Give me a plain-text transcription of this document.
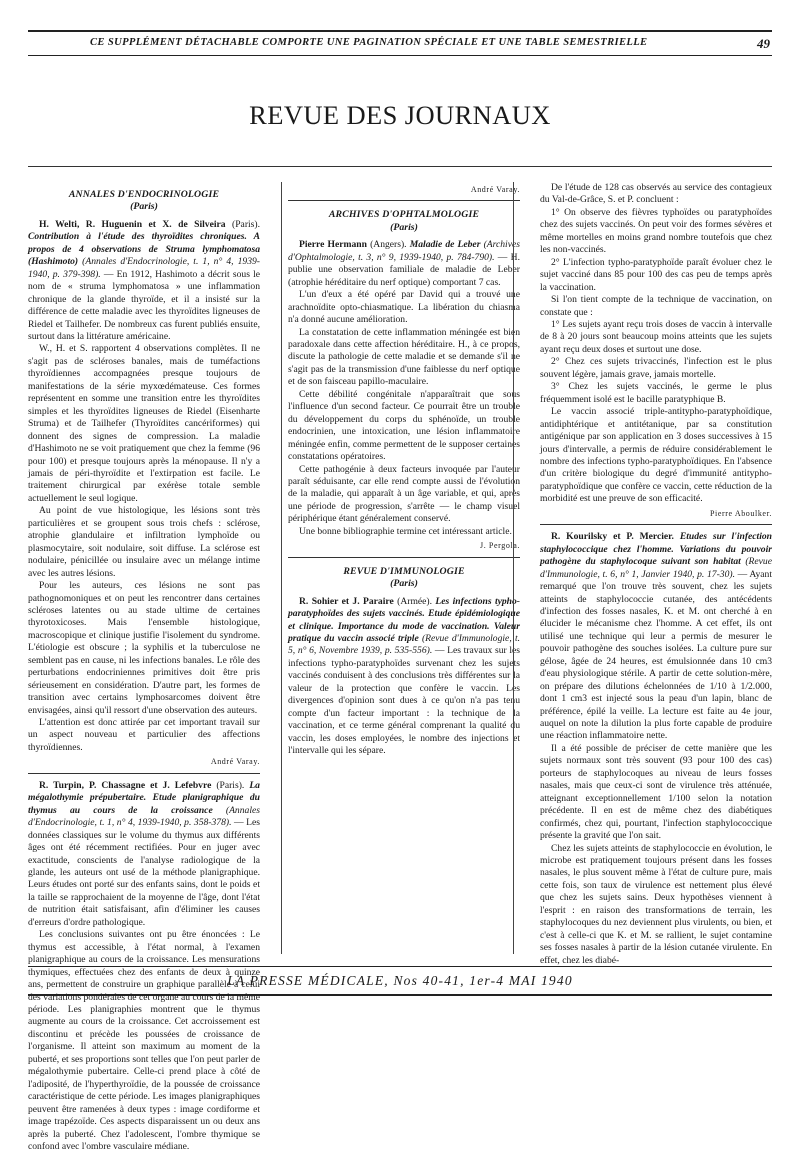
CE SUPPLÉMENT DÉTACHABLE COMPORTE UNE PAGINATION SPÉCIALE ET UNE TABLE SEMESTRIELLE	49
REVUE DES JOURNAUX
ANNALES D'ENDOCRINOLOGIE
(Paris)

H. Welti, R. Huguenin et X. de Silveira (Paris). Contribution à l'étude des thyroïdites chroniques. A propos de 4 observations de Struma lymphomatosa (Hashimoto) (Annales d'Endocrinologie, t. 1, n° 4, 1939-1940, p. 379-398). — En 1912, Hashimoto a décrit sous le nom de « struma lymphomatosa » une inflammation chronique de la glande thyroïde, et il a insisté sur la différence de cette maladie avec les thyroïdites ligneuses de Riedel et Tailhefer. De nombreux cas furent publiés ensuite, surtout dans la littérature américaine.

W., H. et S. rapportent 4 observations complètes. Il ne s'agit pas de scléroses banales, mais de tuméfactions thyroïdiennes accompagnées presque toujours de manifestations de la série myxœdémateuse. Ces formes représentent en somme une transition entre les thyroïdites simples et les thyroïdites ligneuses de Riedel (Eisenharte Struma) et de Tailhefer (Thyroïdites cancériformes) qui donnent des signes de compression. La maladie d'Hashimoto ne se voit pratiquement que chez la femme (96 pour 100) et presque toujours après la ménopause. Il n'y a jamais de péri-thyroïdite et l'extirpation est facile. Le traitement chirurgical par exérèse totale semble actuellement le seul logique.

Au point de vue histologique, les lésions sont très particulières et se groupent sous trois chefs : sclérose, atrophie glandulaire et infiltration lymphoïde ou plasmocytaire, soit nodulaire, soit diffuse. La sclérose est nodulaire, pénicillée ou insulaire avec un mélange intime avec les autres lésions.

Pour les auteurs, ces lésions ne sont pas pathognomoniques et on peut les rencontrer dans certaines scléroses latentes ou au stade ultime de certaines thyrotoxicoses. Mais l'ensemble histologique, macroscopique et clinique justifie l'isolement du syndrome. L'étiologie est obscure ; la syphilis et la tuberculose ne semblent pas en cause, ni les infections banales. Le rôle des perturbations endocriniennes primitives doit être pris sérieusement en considération. D'autre part, les formes de transition avec certains lymphosarcomes doivent être envisagées, ainsi qu'il ressort d'une observation des auteurs.

L'attention est donc attirée par cet important travail sur un aspect nouveau et particulier des affections thyroïdiennes.

André Varay.

R. Turpin, P. Chassagne et J. Lefebvre (Paris). La mégalothymie prépubertaire. Etude planigraphique du thymus au cours de la croissance (Annales d'Endocrinologie, t. 1, n° 4, 1939-1940, p. 358-378). — Les données classiques sur le volume du thymus aux différents âges ont été récemment rectifiées. Pour en juger avec exactitude, conscients de l'analyse radiologique de la glande, les auteurs ont usé de la méthode planigraphique. Leurs études ont porté sur des enfants sains, dont le poids et la taille se rapprochaient de la moyenne de l'âge, dont l'état de nutrition était satisfaisant, afin d'éliminer les causes d'erreurs d'ordre pathologique.

Les conclusions suivantes ont pu être énoncées : Le thymus est accessible, à l'état normal, à l'examen planigraphique au cours de la croissance. Les mensurations thymiques, effectuées chez des enfants de deux à quinze ans, permettent de construire un graphique parallèle à celui des variations pondérales de cet organe au cours de la même période. Les planigraphies montrent que le thymus augmente au cours de la croissance. Cet accroissement est discontinu et précède les poussées de croissance de l'organisme. Il atteint son maximum au moment de la puberté, et ses proportions sont telles que l'on peut parler de mégalothymie pubertaire. Celle-ci prend place à côté de l'adiposité, de l'hyperthyroïdie, de la poussée de croissance caractéristique de cette période. Les images planigraphiques peuvent être ramenées à deux types : image cordiforme et image trapézoïde. Ces aspects disparaissent un ou deux ans après la puberté. Chez l'adolescent, l'ombre thymique se confond avec l'ombre vasculaire médiane.

André Varay.
ARCHIVES D'OPHTALMOLOGIE
(Paris)

Pierre Hermann (Angers). Maladie de Leber (Archives d'Ophtalmologie, t. 3, n° 9, 1939-1940, p. 784-790). — H. publie une observation familiale de maladie de Leber (atrophie héréditaire du nerf optique) comportant 7 cas.

L'un d'eux a été opéré par David qui a trouvé une arachnoïdite opto-chiasmatique. La libération du chiasma n'a donné aucune amélioration.

La constatation de cette inflammation méningée est bien paradoxale dans cette affection héréditaire. H., à ce propos, discute la pathologie de cette maladie et se demande s'il ne s'agit pas de la transmission d'une faiblesse du nerf optique et de son faisceau papillo-maculaire.

Cette débilité congénitale n'apparaîtrait que sous l'influence d'un second facteur. Ce pourrait être un trouble du développement du corps du sphénoïde, un trouble endocrinien, une intoxication, une lésion inflammatoire méningée enfin, comme permettent de le supposer certaines constatations opératoires.

Cette pathogénie à deux facteurs invoquée par l'auteur paraît séduisante, car elle rend compte aussi de l'évolution de la maladie, qui apparaît à un âge variable, et qui, après une période de progression, s'arrête — le champ visuel périphérique étant généralement conservé.

Une bonne bibliographie termine cet intéressant article.

J. Pergola.
REVUE D'IMMUNOLOGIE
(Paris)

R. Sohier et J. Paraire (Armée). Les infections typho-paratyphoïdes des sujets vaccinés. Etude épidémiologique et clinique. Importance du mode de vaccination. Valeur pratique du vaccin associé triple (Revue d'Immunologie, t. 5, n° 6, Novembre 1939, p. 535-556). — Les travaux sur les infections typho-paratyphoïdes survenant chez les sujets vaccinés conduisent à des conclusions très différentes sur la valeur de la protection que confère le vaccin. Les divergences d'opinion sont dues à ce qu'on n'a pas tenu compte d'un facteur important : la technique de la vaccination, et ce terme général comprenant la qualité du vaccin, les doses employées, le nombre des injections et l'intervalle qui les sépare.

De l'étude de 128 cas observés au service des contagieux du Val-de-Grâce, S. et P. concluent :

1° On observe des fièvres typhoïdes ou paratyphoïdes chez des sujets vaccinés. On peut voir des formes sévères et même mortelles en moins grand nombre toutefois que chez les non-vaccinés.

2° L'infection typho-paratyphoïde paraît évoluer chez le sujet vacciné dans 85 pour 100 des cas peu de temps après la vaccination.

Si l'on tient compte de la technique de vaccination, on constate que :

1° Les sujets ayant reçu trois doses de vaccin à intervalle de 8 à 20 jours sont beaucoup moins atteints que les sujets ayant reçu deux doses et surtout une dose.

2° Chez ces sujets trivaccinés, l'infection est le plus souvent légère, jamais grave, jamais mortelle.

3° Chez les sujets vaccinés, le germe le plus fréquemment isolé est le bacille paratyphique B.

Le vaccin associé triple-antitypho-paratyphoïdique, antidiphtérique et antitétanique, par sa constitution antigénique par son application en 3 doses successives à 15 jours d'intervalle, a permis de réduire considérablement le nombre des infections typho-paratyphoïdiques. En l'absence d'un critère biologique du degré d'immunité antitypho-paratyphoïdique que confère ce vaccin, cette réduction de la morbidité est une preuve de son efficacité.

Pierre Aboulker.

R. Kourilsky et P. Mercier. Etudes sur l'infection staphylococcique chez l'homme. Variations du pouvoir pathogène du staphylocoque suivant son habitat (Revue d'Immunologie, t. 6, n° 1, Janvier 1940, p. 17-30). — Ayant remarqué que l'on trouve très souvent, chez les sujets atteints de staphylococcie cutanée, des antécédents d'infection des fosses nasales, K. et M. ont cherché à en élucider le mécanisme chez l'homme. A cet effet, ils ont utilisé une technique qui leur a permis de mesurer le pouvoir pathogène des souches isolées. La culture pure sur gélose, âgée de 24 heures, est émulsionnée dans 10 cm3 d'eau physiologique stérile. A partir de cette solution-mère, on prépare des dilutions échelonnées de 1/10 à 1/2.000, dont 1 cm3 est injecté sous la peau d'un lapin, blanc de préférence, épilé la veille. La lecture est faite au 4e jour, auquel on note la dilution la plus forte capable de produire une réaction inflammatoire nette.

Il a été possible de préciser de cette manière que les sujets normaux sont très souvent (93 pour 100 des cas) porteurs de staphylocoques au niveau de leurs fosses nasales, mais que ceux-ci sont de virulence très atténuée, atteignant exceptionnellement 1/100 selon la notation précédente. Il en est de même chez des diabétiques confirmés, chez qui, pourtant, l'infection staphylococcique présente la gravité que l'on sait.

Chez les sujets atteints de staphylococcie en évolution, le microbe est pratiquement toujours présent dans les fosses nasales, le plus souvent même à l'état de culture pure, mais cette fois, son taux de virulence est nettement plus élevé que chez les sujets sains. Deux hypothèses viennent à l'esprit : en raison des transformations de terrain, les staphylocoques du nez deviennent plus virulents, ou bien, et c'est à celle-ci que K. et M. se rallient, le sujet contamine ses fosses nasales à partir de la lésion cutanée virulente. En effet, chez les diabé-

LA PRESSE MÉDICALE, Nos 40-41, 1er-4 MAI 1940
